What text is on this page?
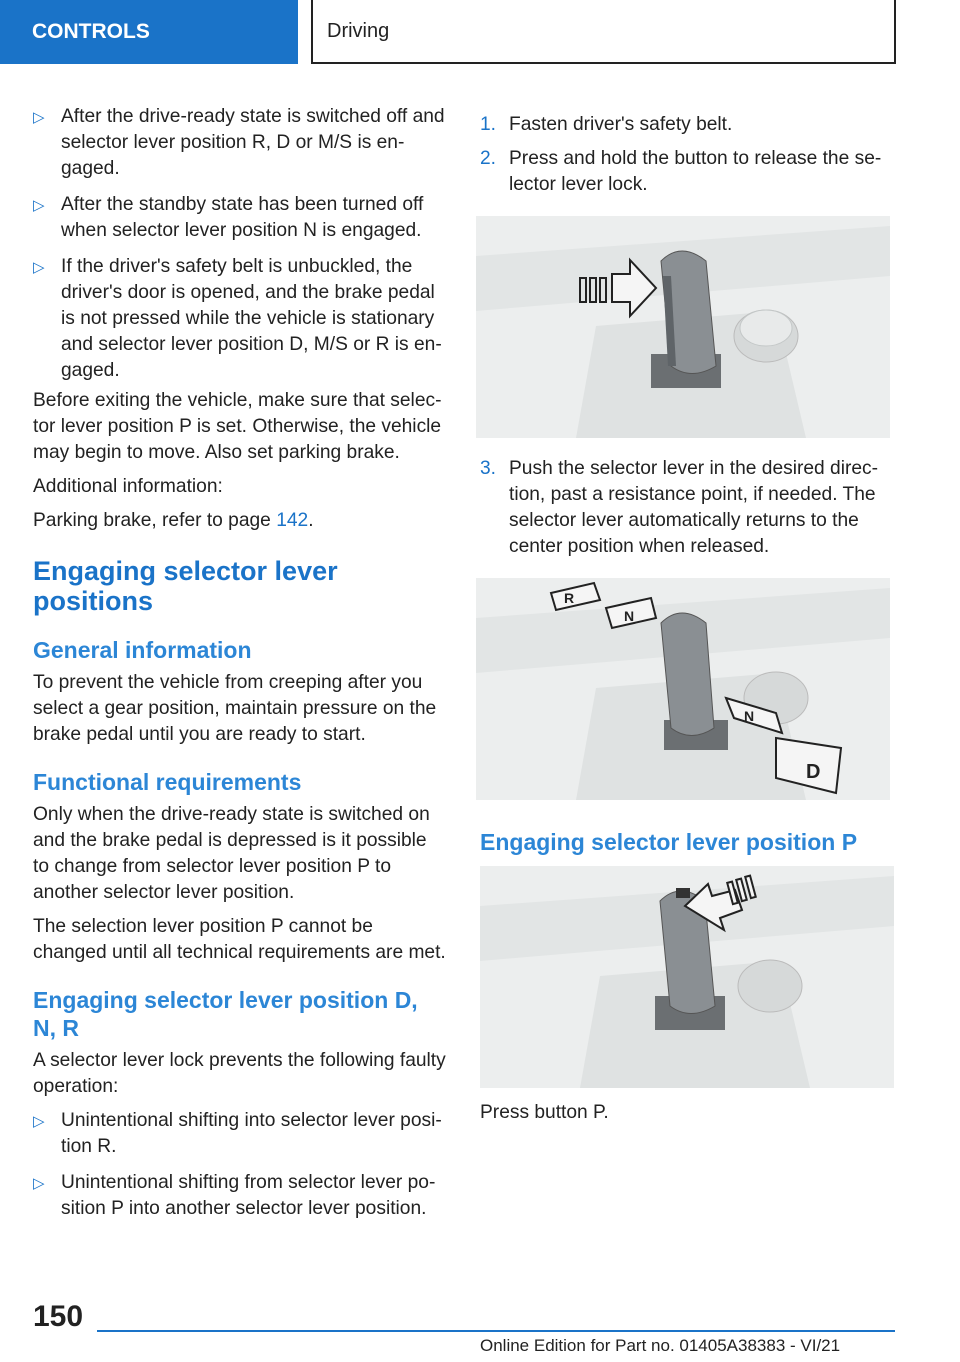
CONTROLS	Driving
▷ After the drive-ready state is switched off and selector lever position R, D or M/S is engaged.
▷ After the standby state has been turned off when selector lever position N is engaged.
▷ If the driver's safety belt is unbuckled, the driver's door is opened, and the brake pedal is not pressed while the vehicle is stationary and selector lever position D, M/S or R is engaged.

Before exiting the vehicle, make sure that selector lever position P is set. Otherwise, the vehicle may begin to move. Also set parking brake.

Additional information:

Parking brake, refer to page 142.

Engaging selector lever positions
General information

To prevent the vehicle from creeping after you select a gear position, maintain pressure on the brake pedal until you are ready to start.

Functional requirements

Only when the drive-ready state is switched on and the brake pedal is depressed is it possible to change from selector lever position P to another selector lever position.

The selection lever position P cannot be changed until all technical requirements are met.

Engaging selector lever position D, N, R

A selector lever lock prevents the following faulty operation:

▷ Unintentional shifting into selector lever position R.
▷ Unintentional shifting from selector lever position P into another selector lever position.
1. Fasten driver's safety belt.
2. Press and hold the button to release the selector lever lock.
3. Push the selector lever in the desired direction, past a resistance point, if needed. The selector lever automatically returns to the center position when released.
R
N
N
D
Engaging selector lever position P

Press button P.

150
Online Edition for Part no. 01405A38383 - VI/21
